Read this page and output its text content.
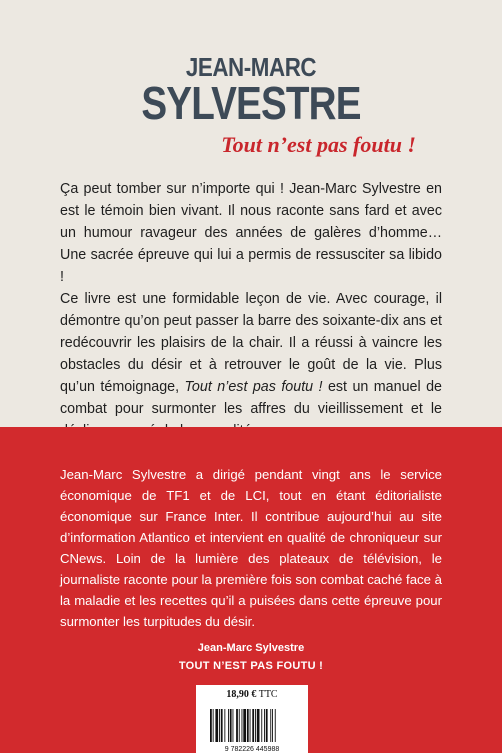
JEAN-MARC
SYLVESTRE
Tout n’est pas foutu !

Ça peut tomber sur n’importe qui ! Jean-Marc Sylvestre en est le témoin bien vivant. Il nous raconte sans fard et avec un humour ravageur des années de galères d’homme… Une sacrée épreuve qui lui a permis de ressusciter sa libido !

Ce livre est une formidable leçon de vie. Avec courage, il démontre qu’on peut passer la barre des soixante-dix ans et redécouvrir les plaisirs de la chair. Il a réussi à vaincre les obstacles du désir et à retrouver le goût de la vie. Plus qu’un témoignage, Tout n’est pas foutu ! est un manuel de combat pour surmonter les affres du vieillissement et le

Jean-Marc Sylvestre a dirigé pendant vingt ans le service économique de TF1 et de LCI, tout en étant éditorialiste économique sur France Inter. Il contribue aujourd’hui au site d’information Atlantico et intervient en qualité de chroniqueur sur CNews. Loin de la lumière des plateaux de télévision, le journaliste raconte pour la première fois son combat caché face à la maladie et les recettes qu’il a puisées dans cette épreuve pour surmonter les turpitudes du désir.

Jean-Marc Sylvestre
TOUT N’EST PAS FOUTU !
18,90 € TTC
9 782226 445988
